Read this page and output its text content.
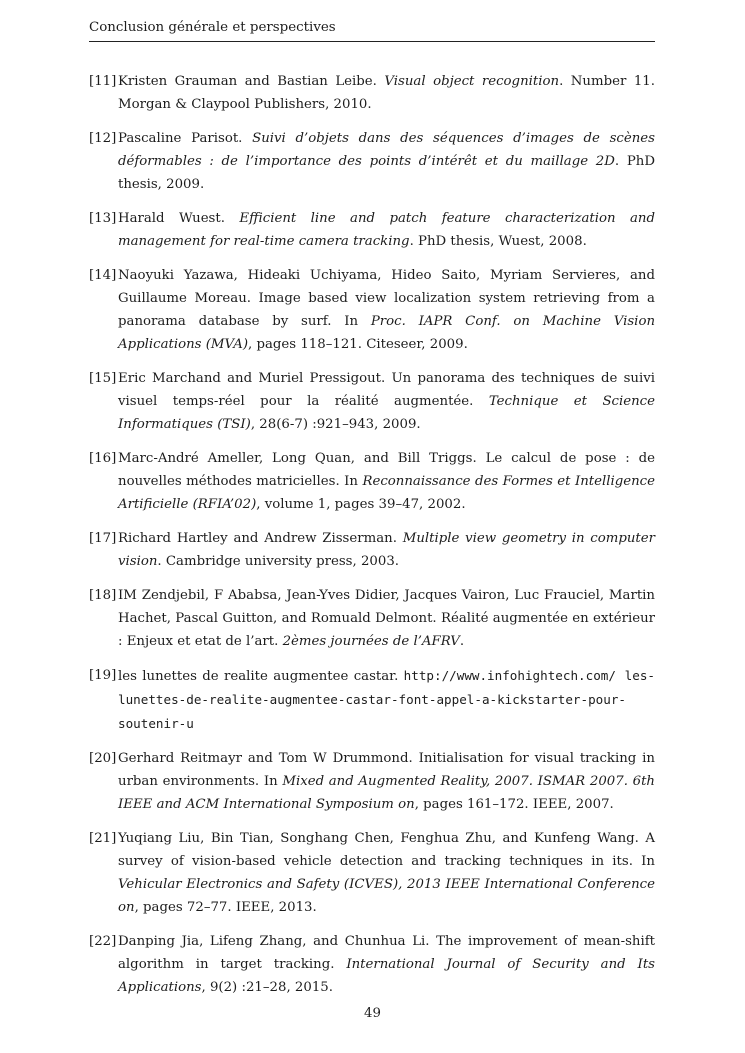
Conclusion générale et perspectives
[11] Kristen Grauman and Bastian Leibe. Visual object recognition. Number 11. Morgan & Claypool Publishers, 2010.
[12] Pascaline Parisot. Suivi d’objets dans des séquences d’images de scènes déformables : de l’importance des points d’intérêt et du maillage 2D. PhD thesis, 2009.
[13] Harald Wuest. Efficient line and patch feature characterization and management for real-time camera tracking. PhD thesis, Wuest, 2008.
[14] Naoyuki Yazawa, Hideaki Uchiyama, Hideo Saito, Myriam Servieres, and Guillaume Moreau. Image based view localization system retrieving from a panorama database by surf. In Proc. IAPR Conf. on Machine Vision Applications (MVA), pages 118–121. Citeseer, 2009.
[15] Eric Marchand and Muriel Pressigout. Un panorama des techniques de suivi visuel temps-réel pour la réalité augmentée. Technique et Science Informatiques (TSI), 28(6-7) :921–943, 2009.
[16] Marc-André Ameller, Long Quan, and Bill Triggs. Le calcul de pose : de nouvelles méthodes matricielles. In Reconnaissance des Formes et Intelligence Artificielle (RFIA’02), volume 1, pages 39–47, 2002.
[17] Richard Hartley and Andrew Zisserman. Multiple view geometry in computer vision. Cambridge university press, 2003.
[18] IM Zendjebil, F Ababsa, Jean-Yves Didier, Jacques Vairon, Luc Frauciel, Martin Hachet, Pascal Guitton, and Romuald Delmont. Réalité augmentée en extérieur : Enjeux et etat de l’art. 2èmes journées de l’AFRV.
[19] les lunettes de realite augmentee castar. http://www.infohightech.com/ les-lunettes-de-realite-augmentee-castar-font-appel-a-kickstarter-pour-soutenir-u
[20] Gerhard Reitmayr and Tom W Drummond. Initialisation for visual tracking in urban environments. In Mixed and Augmented Reality, 2007. ISMAR 2007. 6th IEEE and ACM International Symposium on, pages 161–172. IEEE, 2007.
[21] Yuqiang Liu, Bin Tian, Songhang Chen, Fenghua Zhu, and Kunfeng Wang. A survey of vision-based vehicle detection and tracking techniques in its. In Vehicular Electronics and Safety (ICVES), 2013 IEEE International Conference on, pages 72–77. IEEE, 2013.
[22] Danping Jia, Lifeng Zhang, and Chunhua Li. The improvement of mean-shift algorithm in target tracking. International Journal of Security and Its Applications, 9(2) :21–28, 2015.
49
